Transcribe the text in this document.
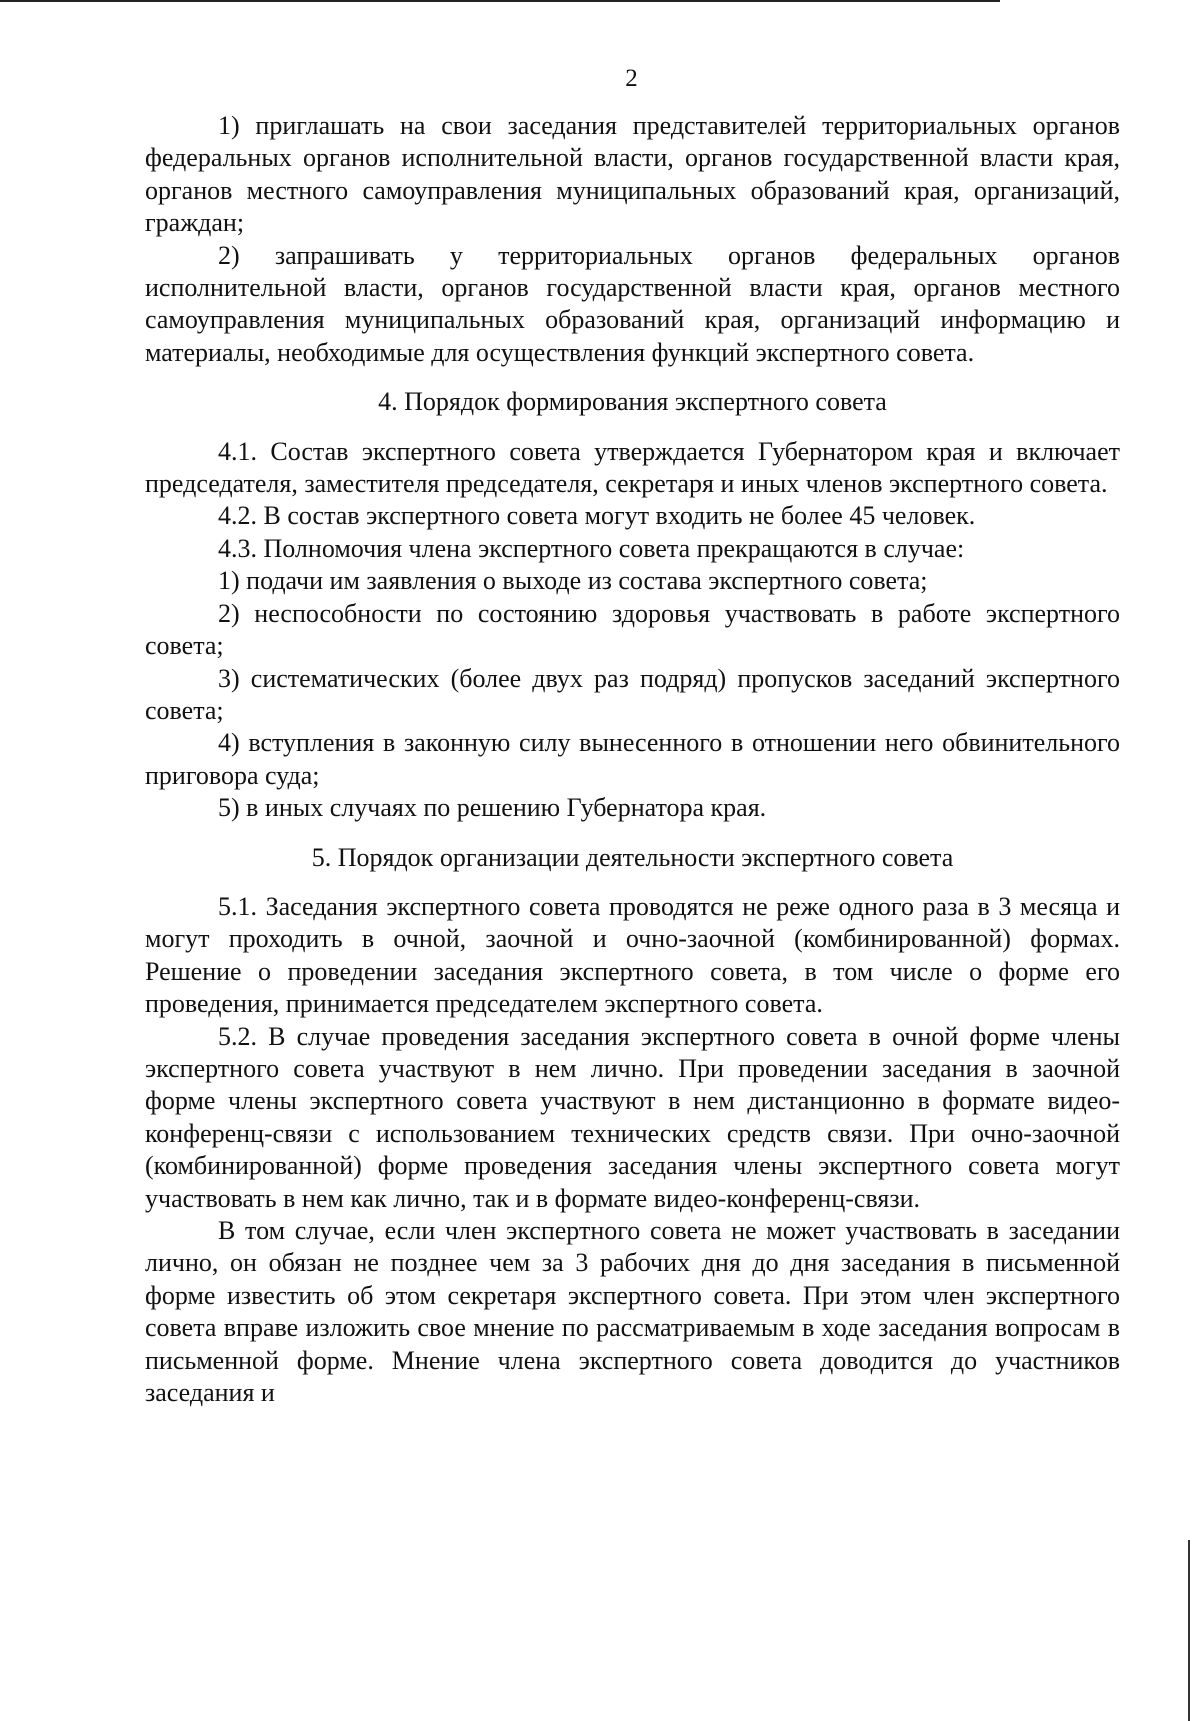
2

1) приглашать на свои заседания представителей территориальных органов федеральных органов исполнительной власти, органов государственной власти края, органов местного самоуправления муниципальных образований края, организаций, граждан;

2) запрашивать у территориальных органов федеральных органов исполнительной власти, органов государственной власти края, органов местного самоуправления муниципальных образований края, организаций информацию и материалы, необходимые для осуществления функций экспертного совета.

4. Порядок формирования экспертного совета

4.1. Состав экспертного совета утверждается Губернатором края и включает председателя, заместителя председателя, секретаря и иных членов экспертного совета.

4.2. В состав экспертного совета могут входить не более 45 человек.

4.3. Полномочия члена экспертного совета прекращаются в случае:

1) подачи им заявления о выходе из состава экспертного совета;

2) неспособности по состоянию здоровья участвовать в работе экспертного совета;

3) систематических (более двух раз подряд) пропусков заседаний экспертного совета;

4) вступления в законную силу вынесенного в отношении него обвинительного приговора суда;

5) в иных случаях по решению Губернатора края.

5. Порядок организации деятельности экспертного совета

5.1. Заседания экспертного совета проводятся не реже одного раза в 3 месяца и могут проходить в очной, заочной и очно-заочной (комбинированной) формах. Решение о проведении заседания экспертного совета, в том числе о форме его проведения, принимается председателем экспертного совета.

5.2. В случае проведения заседания экспертного совета в очной форме члены экспертного совета участвуют в нем лично. При проведении заседания в заочной форме члены экспертного совета участвуют в нем дистанционно в формате видео-конференц-связи с использованием технических средств связи. При очно-заочной (комбинированной) форме проведения заседания члены экспертного совета могут участвовать в нем как лично, так и в формате видео-конференц-связи.

В том случае, если член экспертного совета не может участвовать в заседании лично, он обязан не позднее чем за 3 рабочих дня до дня заседания в письменной форме известить об этом секретаря экспертного совета. При этом член экспертного совета вправе изложить свое мнение по рассматриваемым в ходе заседания вопросам в письменной форме. Мнение члена экспертного совета доводится до участников заседания и
